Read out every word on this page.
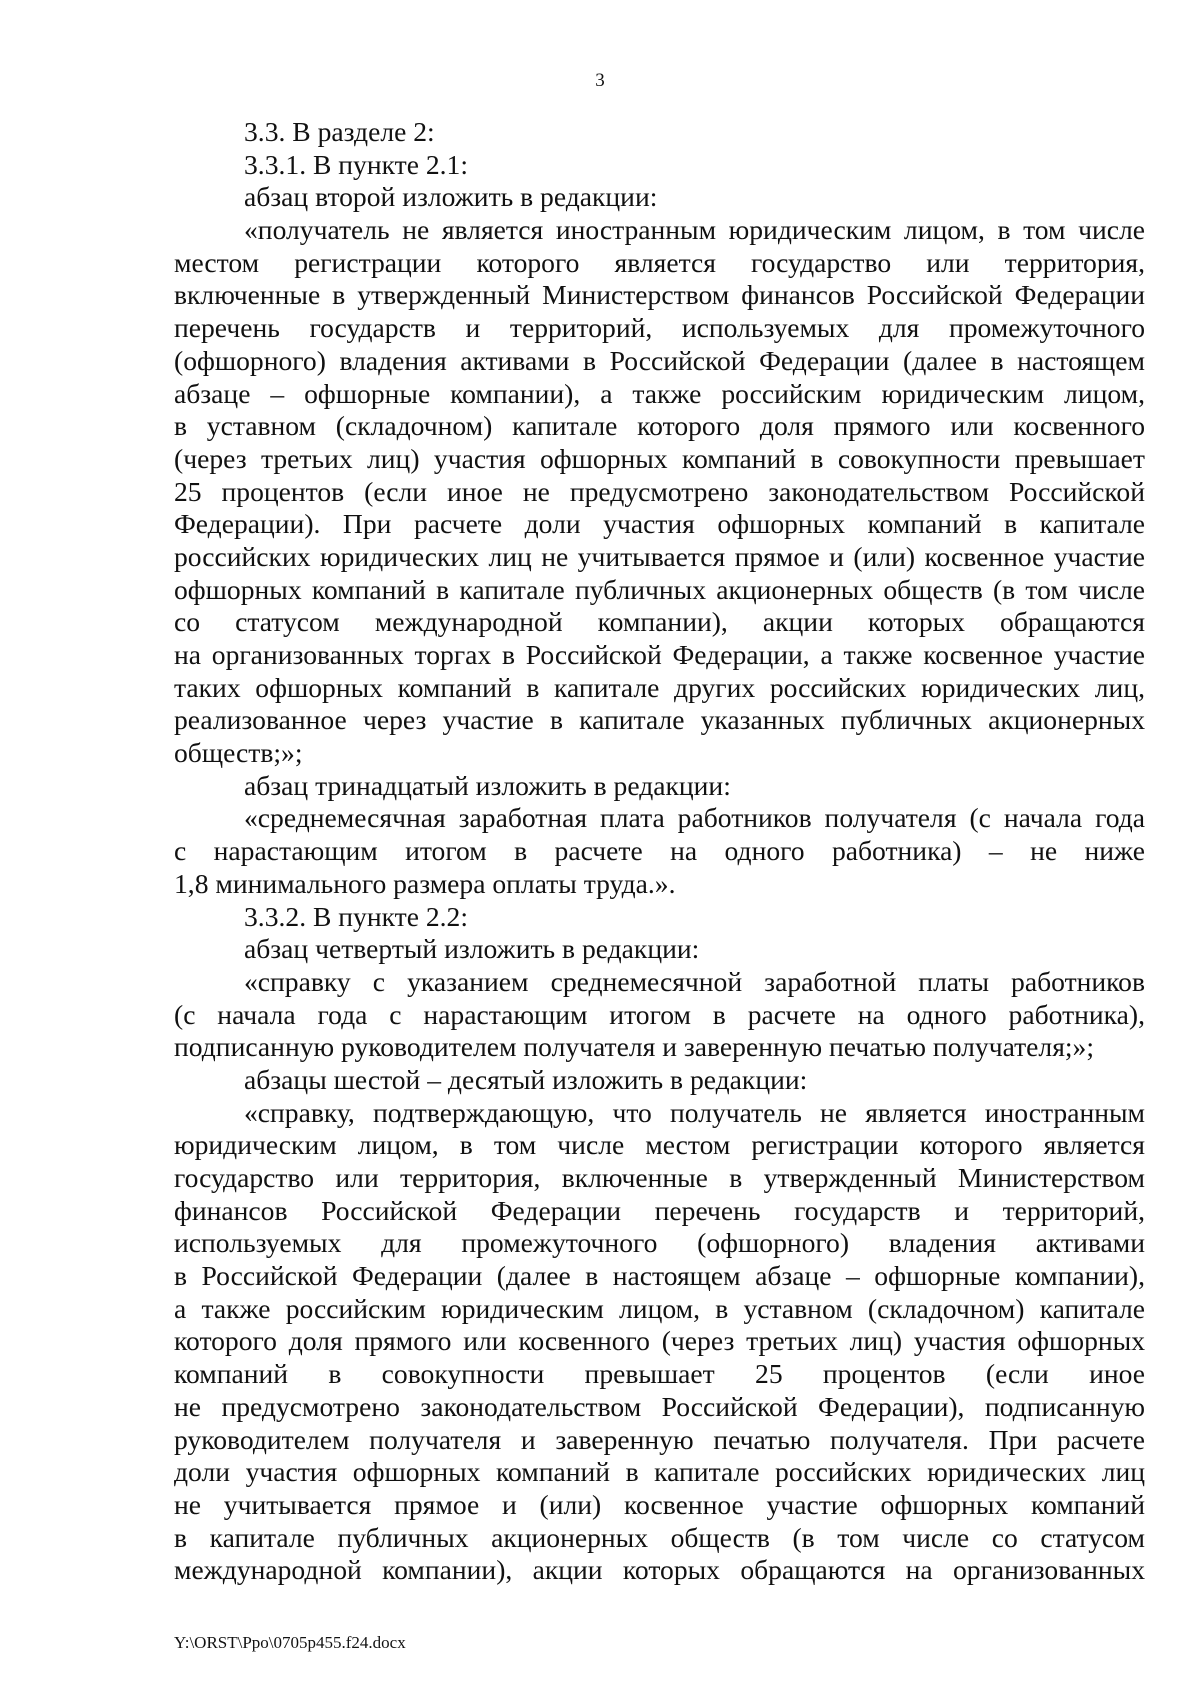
3
3.3. В разделе 2:
3.3.1. В пункте 2.1:
абзац второй изложить в редакции:
«получатель не является иностранным юридическим лицом, в том числе
местом регистрации которого является государство или территория,
включенные в утвержденный Министерством финансов Российской Федерации
перечень государств и территорий, используемых для промежуточного
(офшорного) владения активами в Российской Федерации (далее в настоящем
абзаце – офшорные компании), а также российским юридическим лицом,
в уставном (складочном) капитале которого доля прямого или косвенного
(через третьих лиц) участия офшорных компаний в совокупности превышает
25 процентов (если иное не предусмотрено законодательством Российской
Федерации). При расчете доли участия офшорных компаний в капитале
российских юридических лиц не учитывается прямое и (или) косвенное участие
офшорных компаний в капитале публичных акционерных обществ (в том числе
со статусом международной компании), акции которых обращаются
на организованных торгах в Российской Федерации, а также косвенное участие
таких офшорных компаний в капитале других российских юридических лиц,
реализованное через участие в капитале указанных публичных акционерных
обществ;»;
абзац тринадцатый изложить в редакции:
«среднемесячная заработная плата работников получателя (с начала года
с нарастающим итогом в расчете на одного работника) – не ниже
1,8 минимального размера оплаты труда.».
3.3.2. В пункте 2.2:
абзац четвертый изложить в редакции:
«справку с указанием среднемесячной заработной платы работников
(с начала года с нарастающим итогом в расчете на одного работника),
подписанную руководителем получателя и заверенную печатью получателя;»;
абзацы шестой – десятый изложить в редакции:
«справку, подтверждающую, что получатель не является иностранным
юридическим лицом, в том числе местом регистрации которого является
государство или территория, включенные в утвержденный Министерством
финансов Российской Федерации перечень государств и территорий,
используемых для промежуточного (офшорного) владения активами
в Российской Федерации (далее в настоящем абзаце – офшорные компании),
а также российским юридическим лицом, в уставном (складочном) капитале
которого доля прямого или косвенного (через третьих лиц) участия офшорных
компаний в совокупности превышает 25 процентов (если иное
не предусмотрено законодательством Российской Федерации), подписанную
руководителем получателя и заверенную печатью получателя. При расчете
доли участия офшорных компаний в капитале российских юридических лиц
не учитывается прямое и (или) косвенное участие офшорных компаний
в капитале публичных акционерных обществ (в том числе со статусом
международной компании), акции которых обращаются на организованных
Y:\ORST\Ppo\0705p455.f24.docx
